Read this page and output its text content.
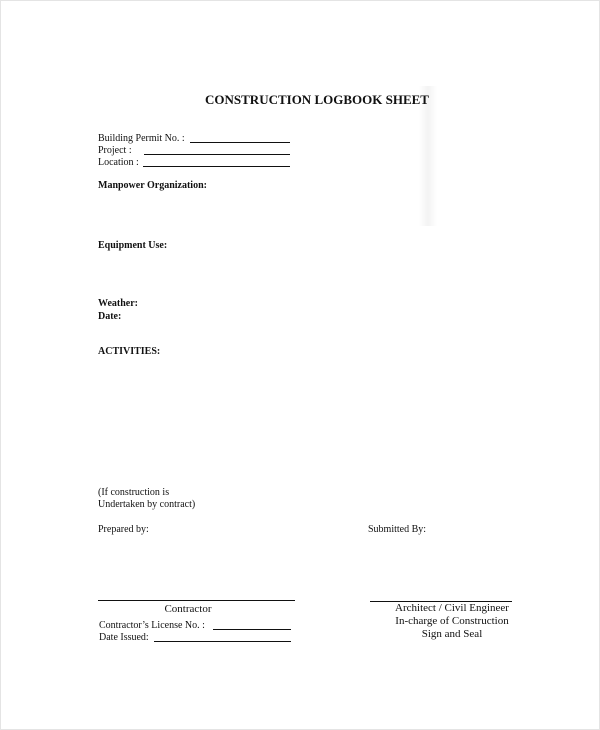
CONSTRUCTION LOGBOOK SHEET
Building Permit No. :
Project :
Location :
Manpower Organization:
Equipment Use:
Weather:
Date:
ACTIVITIES:
(If construction is
Undertaken by contract)
Prepared by:	Submitted By:
Contractor
Contractor’s License No. :
Date Issued:
Architect / Civil Engineer
In-charge of Construction
Sign and Seal
